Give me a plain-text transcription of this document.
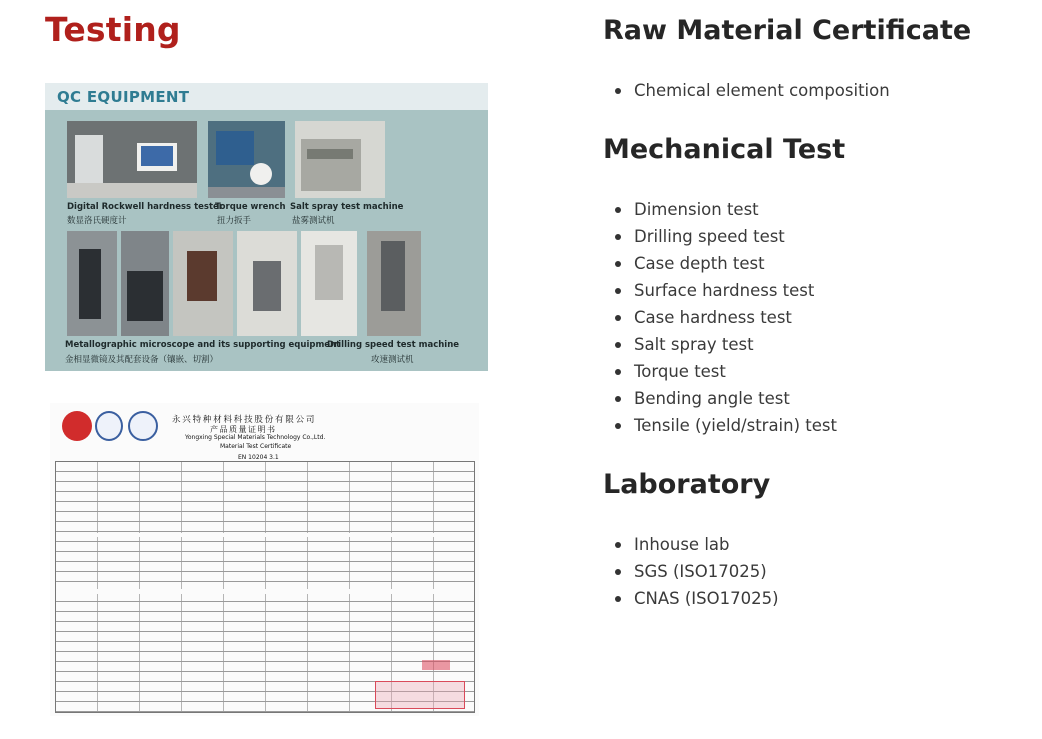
Testing
QC EQUIPMENT
Digital Rockwell hardness tester
数显洛氏硬度计
Torque wrench
扭力扳手
Salt spray test machine
盐雾测试机
Metallographic microscope and its supporting equipment
金相显微镜及其配套设备（镶嵌、切割）
Drilling speed test machine
攻速测试机
永兴特种材料科技股份有限公司
产品质量证明书
Yongxing Special Materials Technology Co.,Ltd.
Material Test Certificate
EN 10204 3.1
Raw Material Certificate
Chemical element composition
Mechanical Test
Dimension test
Drilling speed test
Case depth test
Surface hardness test
Case hardness test
Salt spray test
Torque test
Bending angle test
Tensile (yield/strain) test
Laboratory
Inhouse lab
SGS (ISO17025)
CNAS (ISO17025)
